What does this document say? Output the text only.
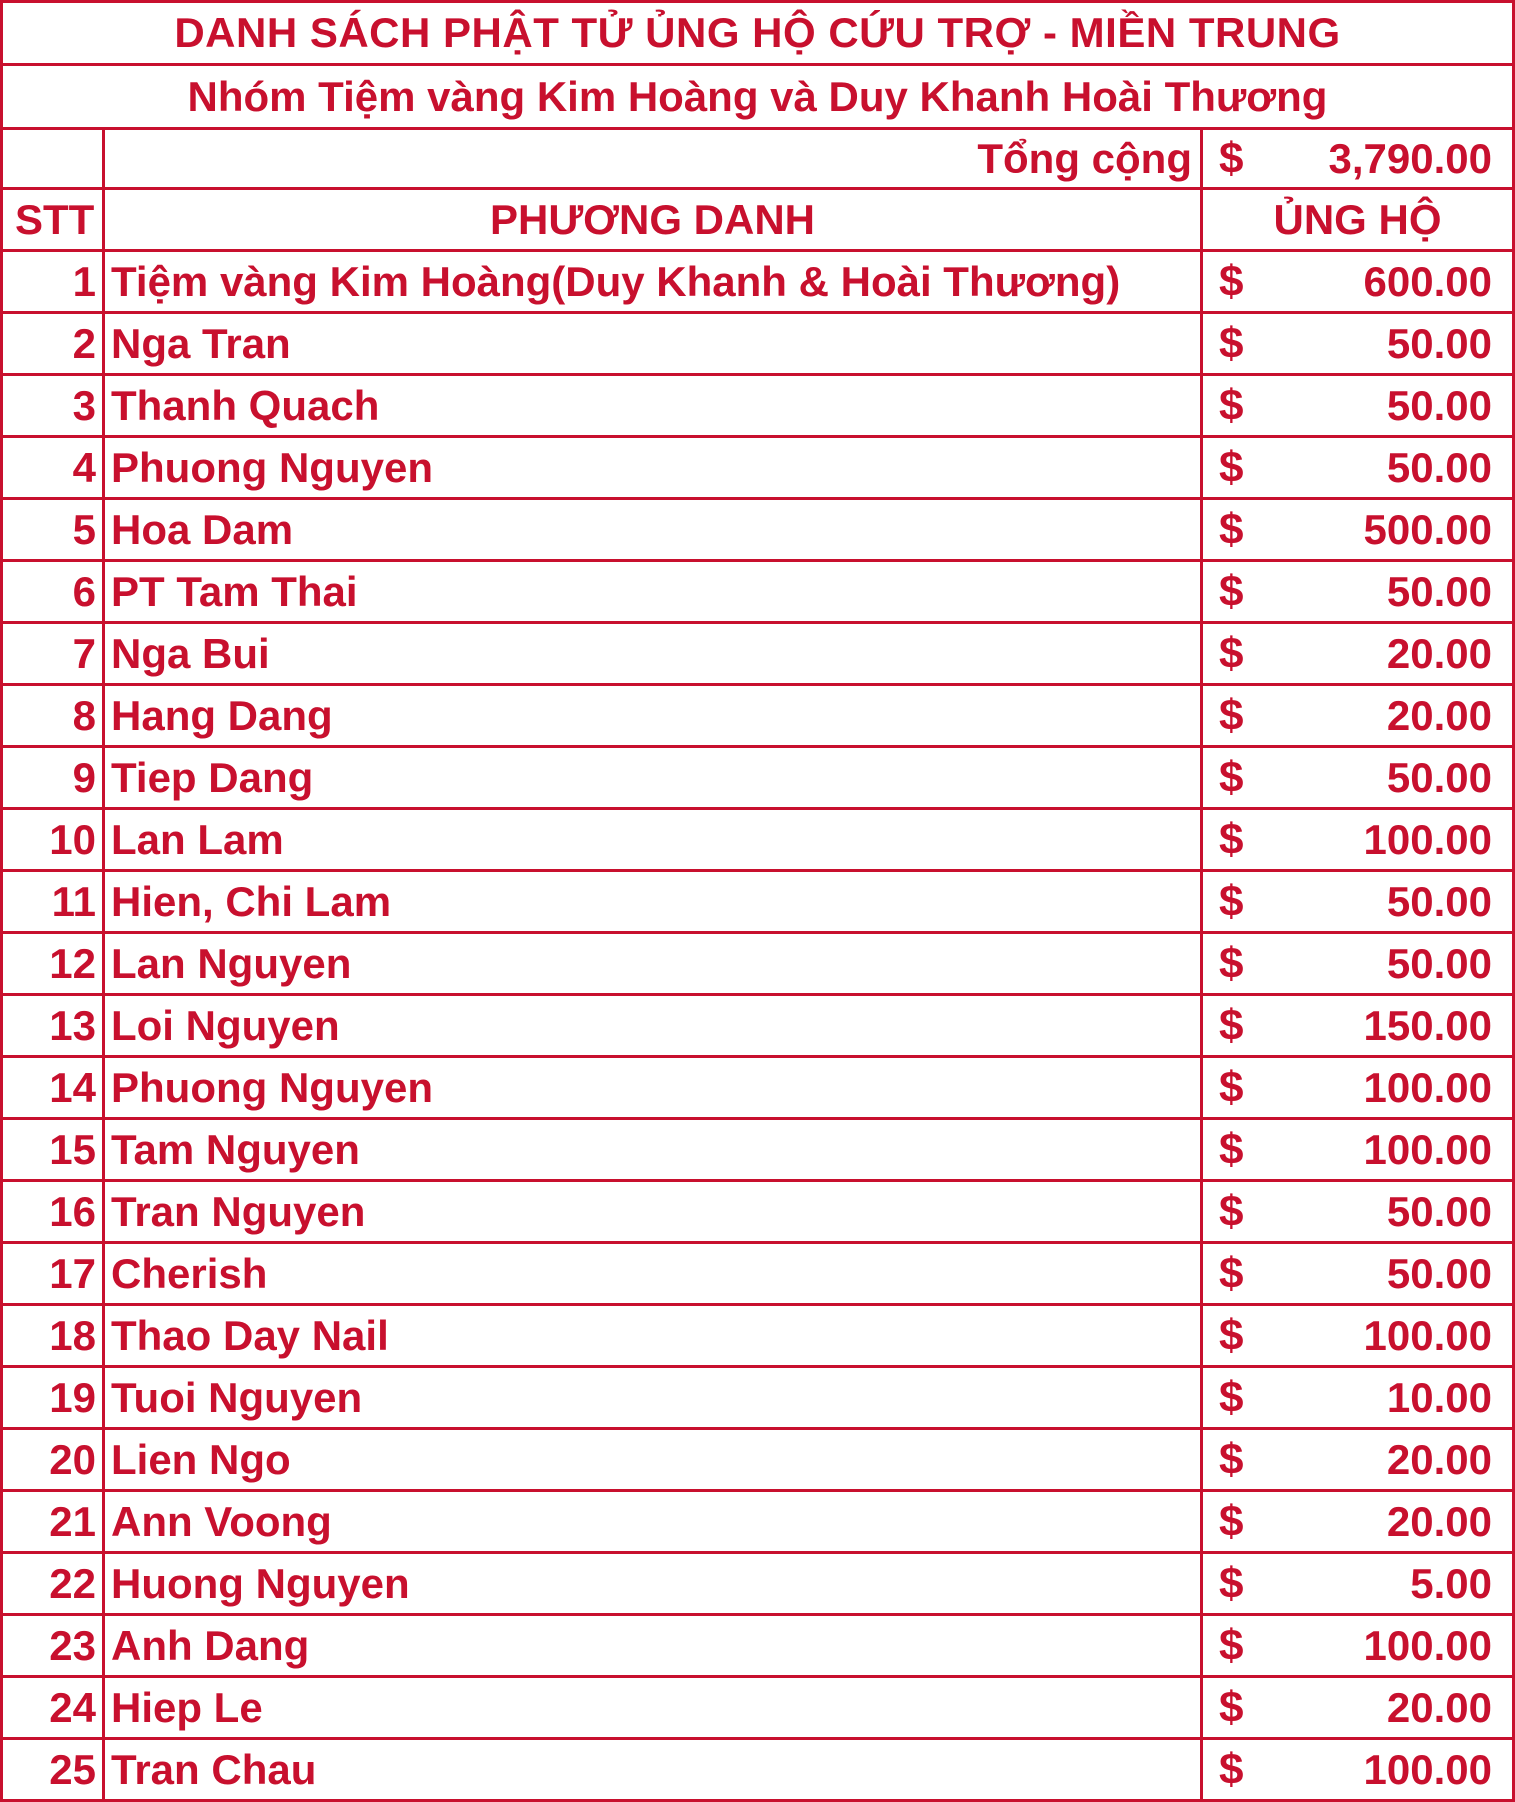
DANH SÁCH PHẬT TỬ ỦNG HỘ CỨU TRỢ - MIỀN TRUNG
Nhóm Tiệm vàng Kim Hoàng và Duy Khanh Hoài Thương
Tổng cộng $ 3,790.00
STT	PHƯƠNG DANH	ỦNG HỘ
1 Tiệm vàng Kim Hoàng(Duy Khanh & Hoài Thương) $	600.00
2 Nga Tran	$	50.00
3 Thanh Quach	$	50.00
4 Phuong Nguyen	$	50.00
5 Hoa Dam	$	500.00
6 PT Tam Thai	$	50.00
7 Nga Bui	$	20.00
8 Hang Dang	$	20.00
9 Tiep Dang	$	50.00
10 Lan Lam	$	100.00
11 Hien, Chi Lam	$	50.00
12 Lan Nguyen	$	50.00
13 Loi Nguyen	$	150.00
14 Phuong Nguyen	$	100.00
15 Tam Nguyen	$	100.00
16 Tran Nguyen	$	50.00
17 Cherish	$	50.00
18 Thao Day Nail	$	100.00
19 Tuoi Nguyen	$	10.00
20 Lien Ngo	$	20.00
21 Ann Voong	$	20.00
22 Huong Nguyen	$	5.00
23 Anh Dang	$	100.00
24 Hiep Le	$	20.00
25 Tran Chau	$	100.00
